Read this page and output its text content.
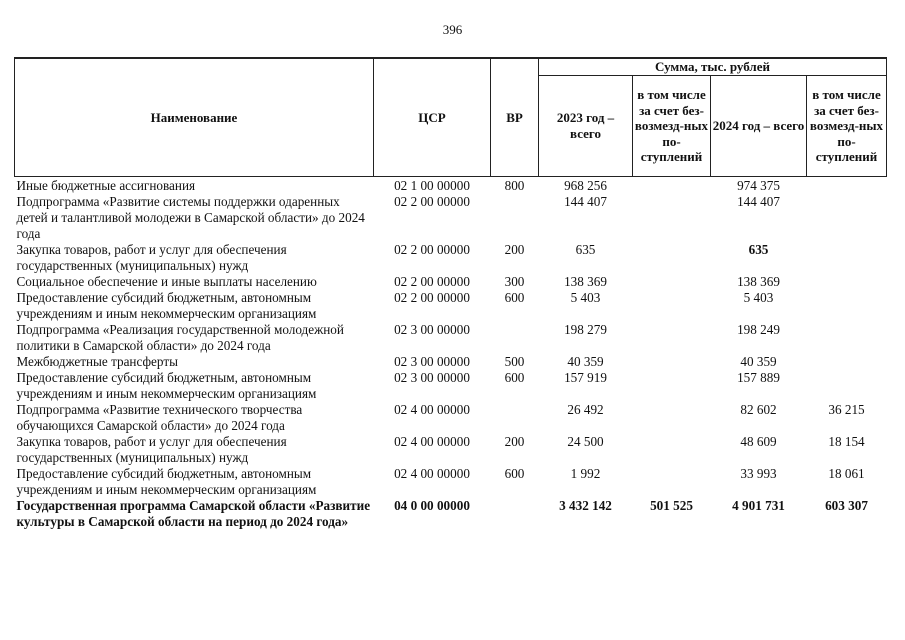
396
Наименование	ЦСР	ВР	Сумма, тыс. рублей			
			2023 год – всего	в том числе за счет без-возмезд-ных по-ступлений	2024 год – всего	в том числе за счет без-возмезд-ных по-ступлений
Иные бюджетные ассигнования	02 1 00 00000	800	968 256		974 375	
Подпрограмма «Развитие системы поддержки одаренных детей и талантливой молодежи в Самарской области» до 2024 года	02 2 00 00000		144 407		144 407	
Закупка товаров, работ и услуг для обеспечения государственных (муниципальных) нужд	02 2 00 00000	200	635		635	
Социальное обеспечение и иные выплаты населению	02 2 00 00000	300	138 369		138 369	
Предоставление субсидий бюджетным, автономным учреждениям и иным некоммерческим организациям	02 2 00 00000	600	5 403		5 403	
Подпрограмма «Реализация государственной молодежной политики в Самарской области» до 2024 года	02 3 00 00000		198 279		198 249	
Межбюджетные трансферты	02 3 00 00000	500	40 359		40 359	
Предоставление субсидий бюджетным, автономным учреждениям и иным некоммерческим организациям	02 3 00 00000	600	157 919		157 889	
Подпрограмма «Развитие технического творчества обучающихся Самарской области» до 2024 года	02 4 00 00000		26 492		82 602	36 215
Закупка товаров, работ и услуг для обеспечения государственных (муниципальных) нужд	02 4 00 00000	200	24 500		48 609	18 154
Предоставление субсидий бюджетным, автономным учреждениям и иным некоммерческим организациям	02 4 00 00000	600	1 992		33 993	18 061
Государственная программа Самарской области «Развитие культуры в Самарской области на период до 2024 года»	04 0 00 00000		3 432 142	501 525	4 901 731	603 307
